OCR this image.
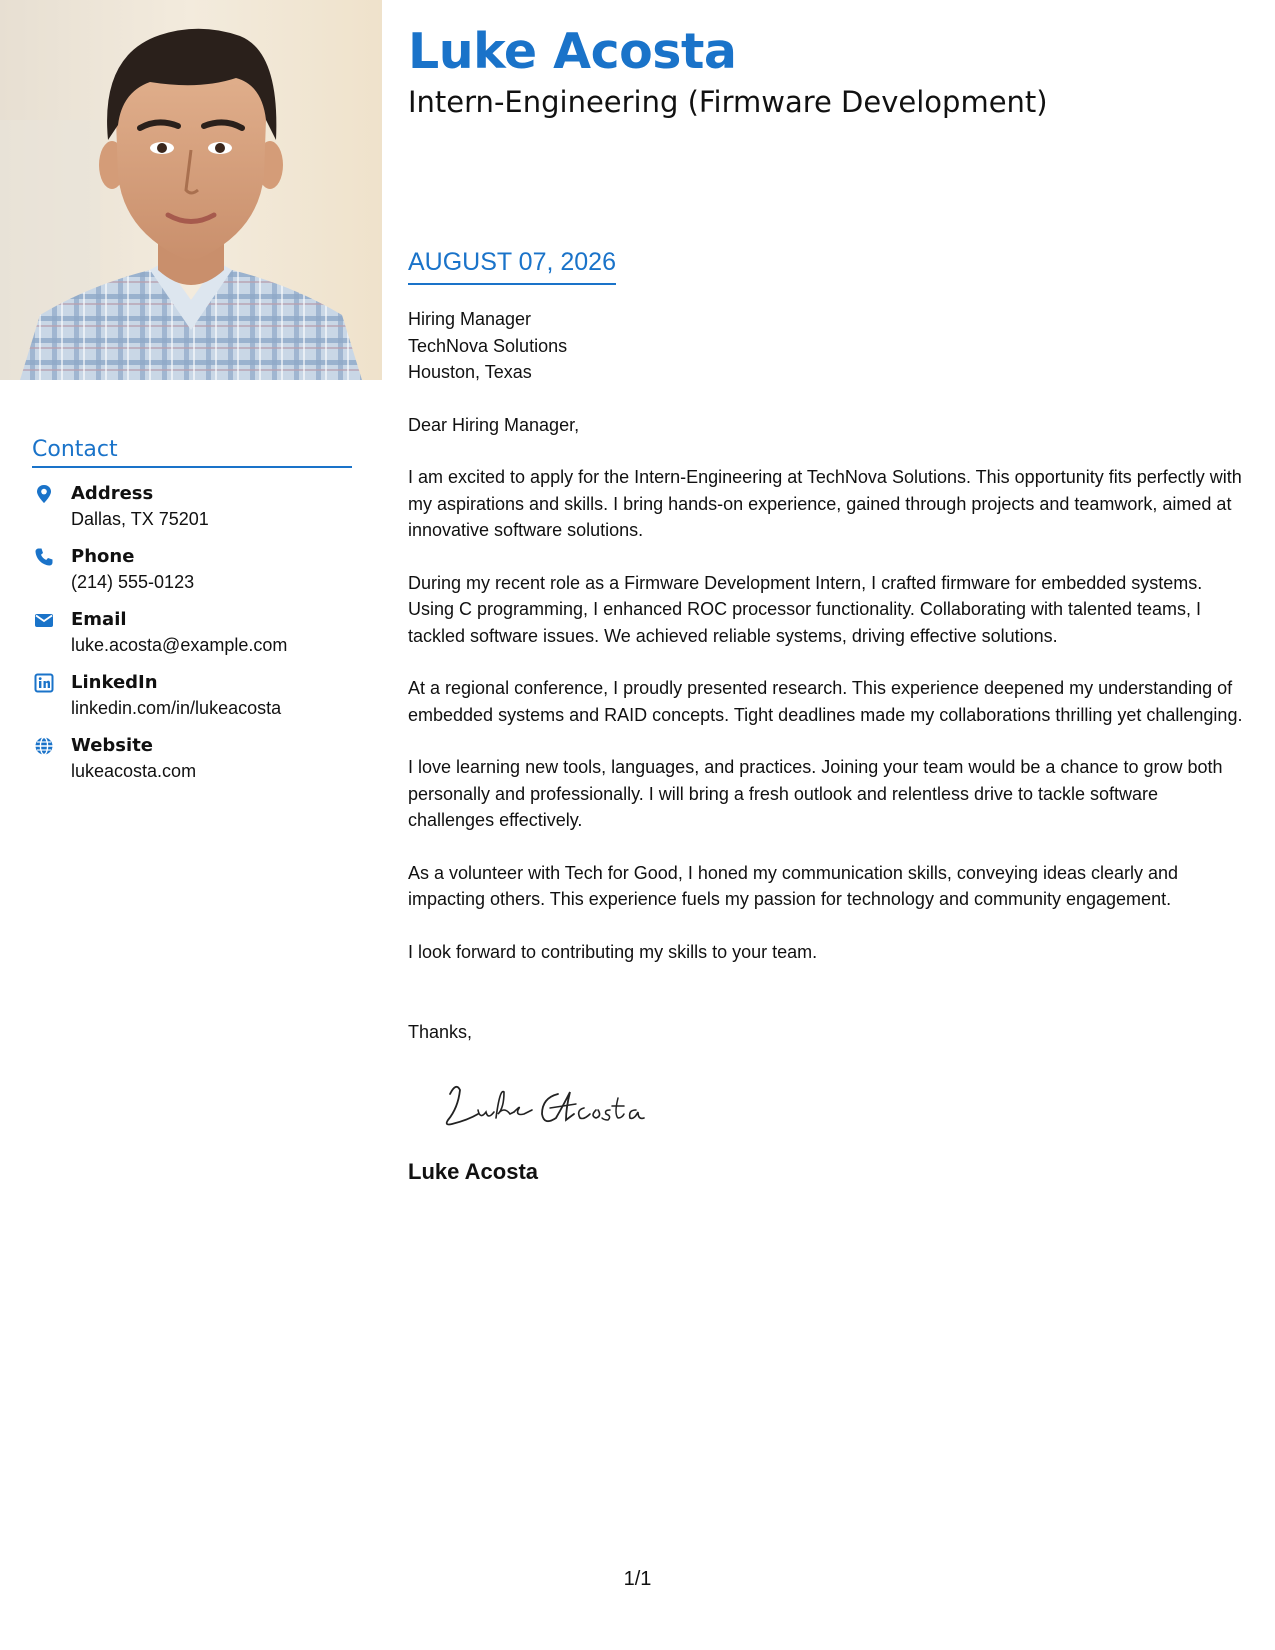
Contact
Address
Dallas, TX 75201
Phone
(214) 555-0123
Email
luke.acosta@example.com
LinkedIn
linkedin.com/in/lukeacosta
Website
lukeacosta.com
Luke Acosta
Intern-Engineering (Firmware Development)
AUGUST 07, 2026
Hiring Manager
TechNova Solutions
Houston, Texas

Dear Hiring Manager,

I am excited to apply for the Intern-Engineering at TechNova Solutions. This opportunity fits perfectly with my aspirations and skills. I bring hands-on experience, gained through projects and teamwork, aimed at innovative software solutions.

During my recent role as a Firmware Development Intern, I crafted firmware for embedded systems. Using C programming, I enhanced ROC processor functionality. Collaborating with talented teams, I tackled software issues. We achieved reliable systems, driving effective solutions.

At a regional conference, I proudly presented research. This experience deepened my understanding of embedded systems and RAID concepts. Tight deadlines made my collaborations thrilling yet challenging.

I love learning new tools, languages, and practices. Joining your team would be a chance to grow both personally and professionally. I will bring a fresh outlook and relentless drive to tackle software challenges effectively.

As a volunteer with Tech for Good, I honed my communication skills, conveying ideas clearly and impacting others. This experience fuels my passion for technology and community engagement.

I look forward to contributing my skills to your team.

Thanks,
Luke Acosta
1/1
